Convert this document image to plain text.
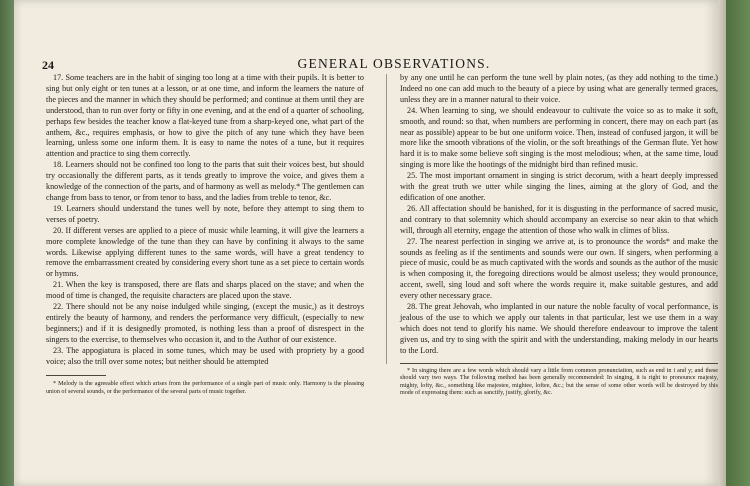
24	GENERAL OBSERVATIONS.

17. Some teachers are in the habit of singing too long at a time with their pupils. It is better to sing but only eight or ten tunes at a lesson, or at one time, and inform the learners the nature of the pieces and the manner in which they should be performed; and continue at them until they are understood, than to run over forty or fifty in one evening, and at the end of a quarter of schooling, perhaps few besides the teacher know a flat-keyed tune from a sharp-keyed one, what part of the anthem, &c., requires emphasis, or how to give the pitch of any tune which they have been learning, unless some one inform them. It is easy to name the notes of a tune, but it requires attention and practice to sing them correctly.

18. Learners should not be confined too long to the parts that suit their voices best, but should try occasionally the different parts, as it tends greatly to improve the voice, and gives them a knowledge of the connection of the parts, and of harmony as well as melody.* The gentlemen can change from bass to tenor, or from tenor to bass, and the ladies from treble to tenor, &c.

19. Learners should understand the tunes well by note, before they attempt to sing them to verses of poetry.

20. If different verses are applied to a piece of music while learning, it will give the learners a more complete knowledge of the tune than they can have by confining it always to the same words. Likewise applying different tunes to the same words, will have a great tendency to remove the embarrassment created by considering every short tune as a set piece to certain words or hymns.

21. When the key is transposed, there are flats and sharps placed on the stave; and when the mood of time is changed, the requisite characters are placed upon the stave.

22. There should not be any noise indulged while singing, (except the music,) as it destroys entirely the beauty of harmony, and renders the performance very difficult, (especially to new beginners;) and if it is designedly promoted, is nothing less than a proof of disrespect in the singers to the exercise, to themselves who occasion it, and to the Author of our existence.

23. The appogiatura is placed in some tunes, which may be used with propriety by a good voice; also the trill over some notes; but neither should be attempted

* Melody is the agreeable effect which arises from the performance of a single part of music only. Harmony is the pleasing union of several sounds, or the performance of the several parts of music together.

by any one until he can perform the tune well by plain notes, (as they add nothing to the time.) Indeed no one can add much to the beauty of a piece by using what are generally termed graces, unless they are in a manner natural to their voice.

24. When learning to sing, we should endeavour to cultivate the voice so as to make it soft, smooth, and round: so that, when numbers are performing in concert, there may on each part (as near as possible) appear to be but one uniform voice. Then, instead of confused jargon, it will be more like the smooth vibrations of the violin, or the soft breathings of the German flute. Yet how hard it is to make some believe soft singing is the most melodious; when, at the same time, loud singing is more like the hootings of the midnight bird than refined music.

25. The most important ornament in singing is strict decorum, with a heart deeply impressed with the great truth we utter while singing the lines, aiming at the glory of God, and the edification of one another.

26. All affectation should be banished, for it is disgusting in the performance of sacred music, and contrary to that solemnity which should accompany an exercise so near akin to that which will, through all eternity, engage the attention of those who walk in climes of bliss.

27. The nearest perfection in singing we arrive at, is to pronounce the words* and make the sounds as feeling as if the sentiments and sounds were our own. If singers, when performing a piece of music, could be as much captivated with the words and sounds as the author of the music is when composing it, the foregoing directions would be almost useless; they would pronounce, accent, swell, sing loud and soft where the words require it, make suitable gestures, and add every other necessary grace.

28. The great Jehovah, who implanted in our nature the noble faculty of vocal performance, is jealous of the use to which we apply our talents in that particular, lest we use them in a way which does not tend to glorify his name. We should therefore endeavour to improve the talent given us, and try to sing with the spirit and with the understanding, making melody in our hearts to the Lord.

* In singing there are a few words which should vary a little from common pronunciation, such as end in i and y; and these should vary two ways. The following method has been generally recommended: In singing, it is right to pronounce majesty, mighty, lofty, &c., something like majestee, mightee, loftee, &c.; but the sense of some other words will be destroyed by this mode of expressing them: such as sanctify, justify, glorify, &c.
